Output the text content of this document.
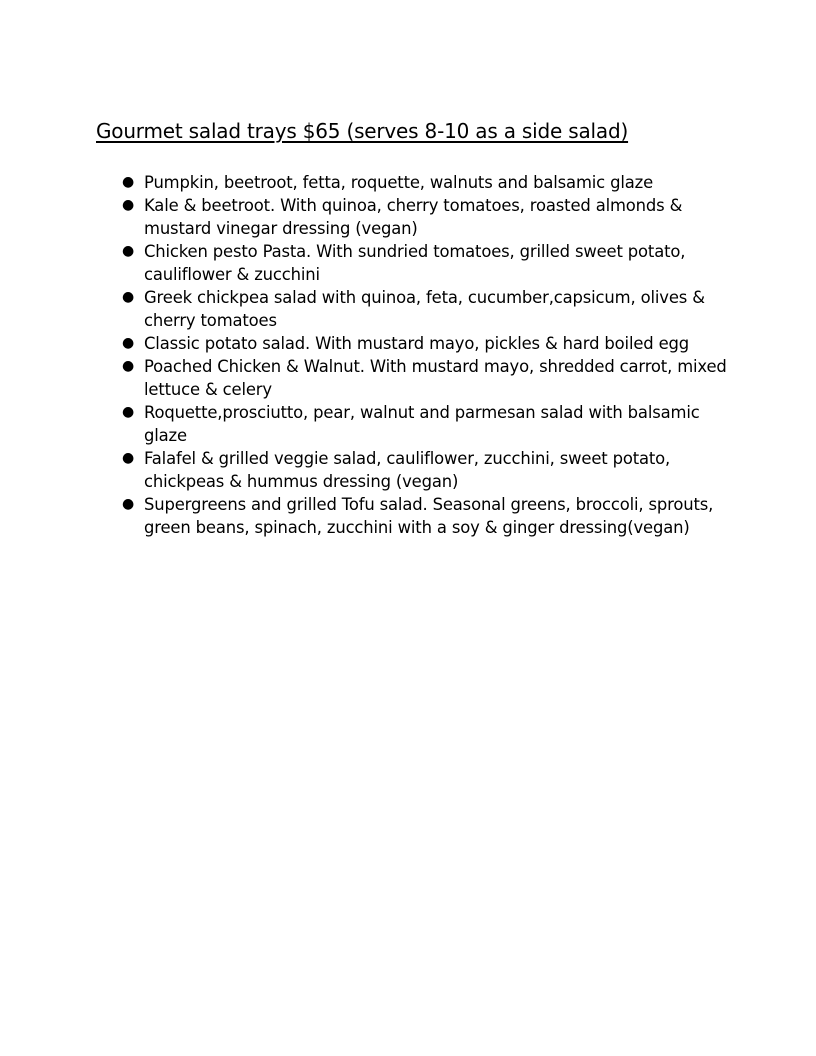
Gourmet salad trays $65 (serves 8-10 as a side salad)
● Pumpkin, beetroot, fetta, roquette, walnuts and balsamic glaze
● Kale & beetroot. With quinoa, cherry tomatoes, roasted almonds & mustard vinegar dressing (vegan)
● Chicken pesto Pasta. With sundried tomatoes, grilled sweet potato, cauliflower & zucchini
● Greek chickpea salad with quinoa, feta, cucumber,capsicum, olives & cherry tomatoes
● Classic potato salad. With mustard mayo, pickles & hard boiled egg
● Poached Chicken & Walnut. With mustard mayo, shredded carrot, mixed lettuce & celery
● Roquette,prosciutto, pear, walnut and parmesan salad with balsamic glaze
● Falafel & grilled veggie salad, cauliflower, zucchini, sweet potato, chickpeas & hummus dressing (vegan)
● Supergreens and grilled Tofu salad. Seasonal greens, broccoli, sprouts, green beans, spinach, zucchini with a soy & ginger dressing(vegan)
